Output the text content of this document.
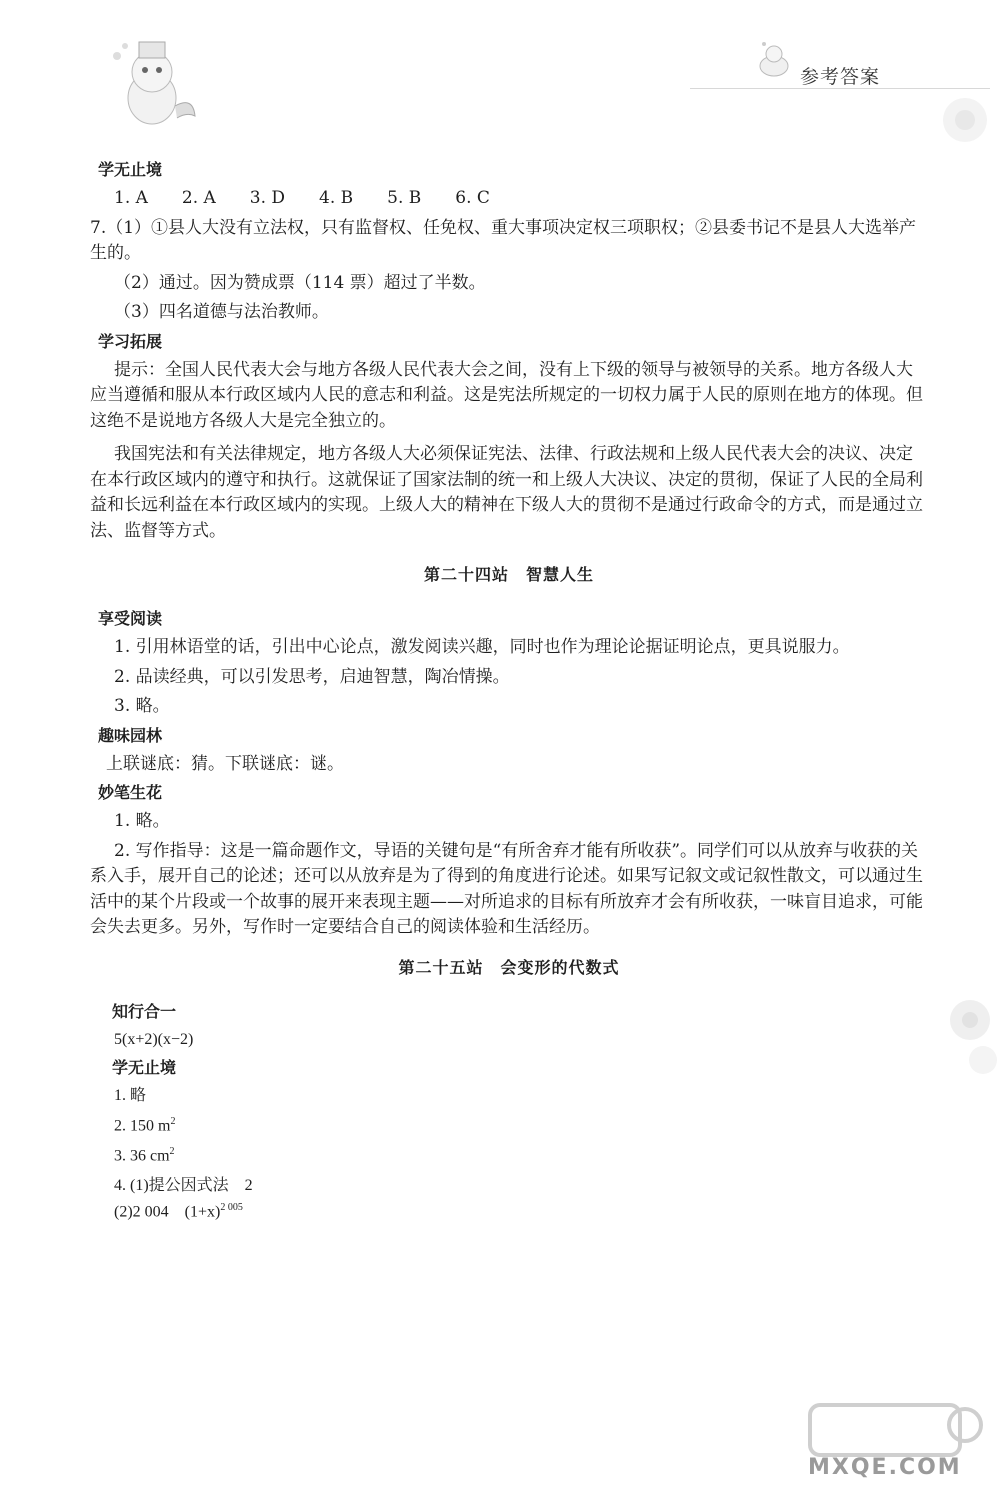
参考答案

学无止境

1. A　　2. A　　3. D　　4. B　　5. B　　6. C

7.（1）①县人大没有立法权，只有监督权、任免权、重大事项决定权三项职权；②县委书记不是县人大选举产生的。

（2）通过。因为赞成票（114 票）超过了半数。

（3）四名道德与法治教师。

学习拓展

提示：全国人民代表大会与地方各级人民代表大会之间，没有上下级的领导与被领导的关系。地方各级人大应当遵循和服从本行政区域内人民的意志和利益。这是宪法所规定的一切权力属于人民的原则在地方的体现。但这绝不是说地方各级人大是完全独立的。

我国宪法和有关法律规定，地方各级人大必须保证宪法、法律、行政法规和上级人民代表大会的决议、决定在本行政区域内的遵守和执行。这就保证了国家法制的统一和上级人大决议、决定的贯彻，保证了人民的全局利益和长远利益在本行政区域内的实现。上级人大的精神在下级人大的贯彻不是通过行政命令的方式，而是通过立法、监督等方式。

第二十四站　智慧人生

享受阅读

1. 引用林语堂的话，引出中心论点，激发阅读兴趣，同时也作为理论论据证明论点，更具说服力。

2. 品读经典，可以引发思考，启迪智慧，陶冶情操。

3. 略。

趣味园林

上联谜底：猜。下联谜底：谜。

妙笔生花

1. 略。

2. 写作指导：这是一篇命题作文，导语的关键句是“有所舍弃才能有所收获”。同学们可以从放弃与收获的关系入手，展开自己的论述；还可以从放弃是为了得到的角度进行论述。如果写记叙文或记叙性散文，可以通过生活中的某个片段或一个故事的展开来表现主题——对所追求的目标有所放弃才会有所收获，一味盲目追求，可能会失去更多。另外，写作时一定要结合自己的阅读体验和生活经历。

第二十五站　会变形的代数式

知行合一

5(x+2)(x−2)

学无止境

1. 略

2. 150 $m^2$

3. 36 $cm^2$

4. (1)提公因式法　2

(2)2 004　$(1+x)^{2 005}$

MXQE.COM
